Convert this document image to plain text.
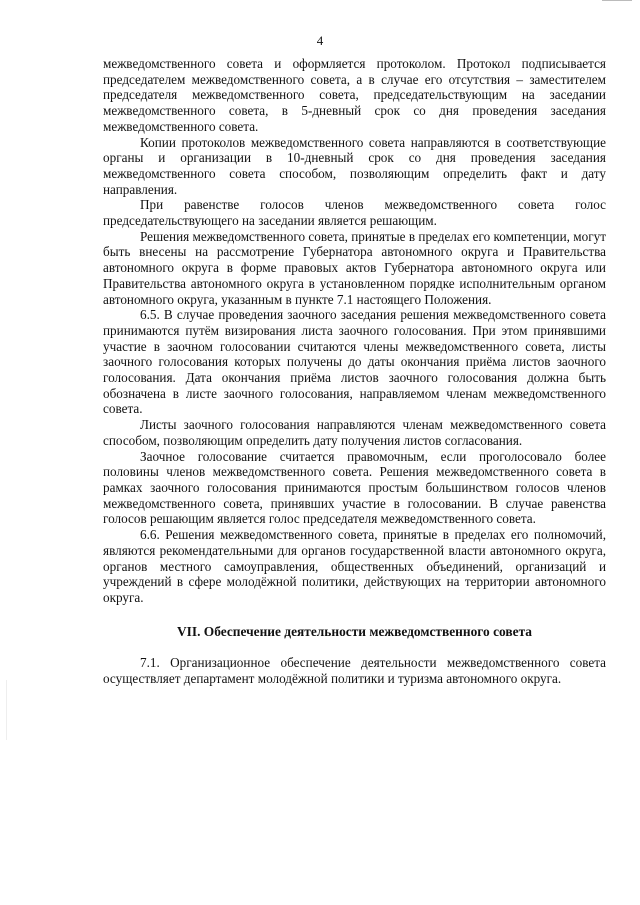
4

межведомственного совета и оформляется протоколом. Протокол подписывается председателем межведомственного совета, а в случае его отсутствия – заместителем председателя межведомственного совета, председательствующим на заседании межведомственного совета, в 5-дневный срок со дня проведения заседания межведомственного совета.

Копии протоколов межведомственного совета направляются в соответствующие органы и организации в 10-дневный срок со дня проведения заседания межведомственного совета способом, позволяющим определить факт и дату направления.

При равенстве голосов членов межведомственного совета голос председательствующего на заседании является решающим.

Решения межведомственного совета, принятые в пределах его компетенции, могут быть внесены на рассмотрение Губернатора автономного округа и Правительства автономного округа в форме правовых актов Губернатора автономного округа или Правительства автономного округа в установленном порядке исполнительным органом автономного округа, указанным в пункте 7.1 настоящего Положения.

6.5. В случае проведения заочного заседания решения межведомственного совета принимаются путём визирования листа заочного голосования. При этом принявшими участие в заочном голосовании считаются члены межведомственного совета, листы заочного голосования которых получены до даты окончания приёма листов заочного голосования. Дата окончания приёма листов заочного голосования должна быть обозначена в листе заочного голосования, направляемом членам межведомственного совета.

Листы заочного голосования направляются членам межведомственного совета способом, позволяющим определить дату получения листов согласования.

Заочное голосование считается правомочным, если проголосовало более половины членов межведомственного совета. Решения межведомственного совета в рамках заочного голосования принимаются простым большинством голосов членов межведомственного совета, принявших участие в голосовании. В случае равенства голосов решающим является голос председателя межведомственного совета.

6.6. Решения межведомственного совета, принятые в пределах его полномочий, являются рекомендательными для органов государственной власти автономного округа, органов местного самоуправления, общественных объединений, организаций и учреждений в сфере молодёжной политики, действующих на территории автономного округа.

VII. Обеспечение деятельности межведомственного совета

7.1. Организационное обеспечение деятельности межведомственного совета осуществляет департамент молодёжной политики и туризма автономного округа.
